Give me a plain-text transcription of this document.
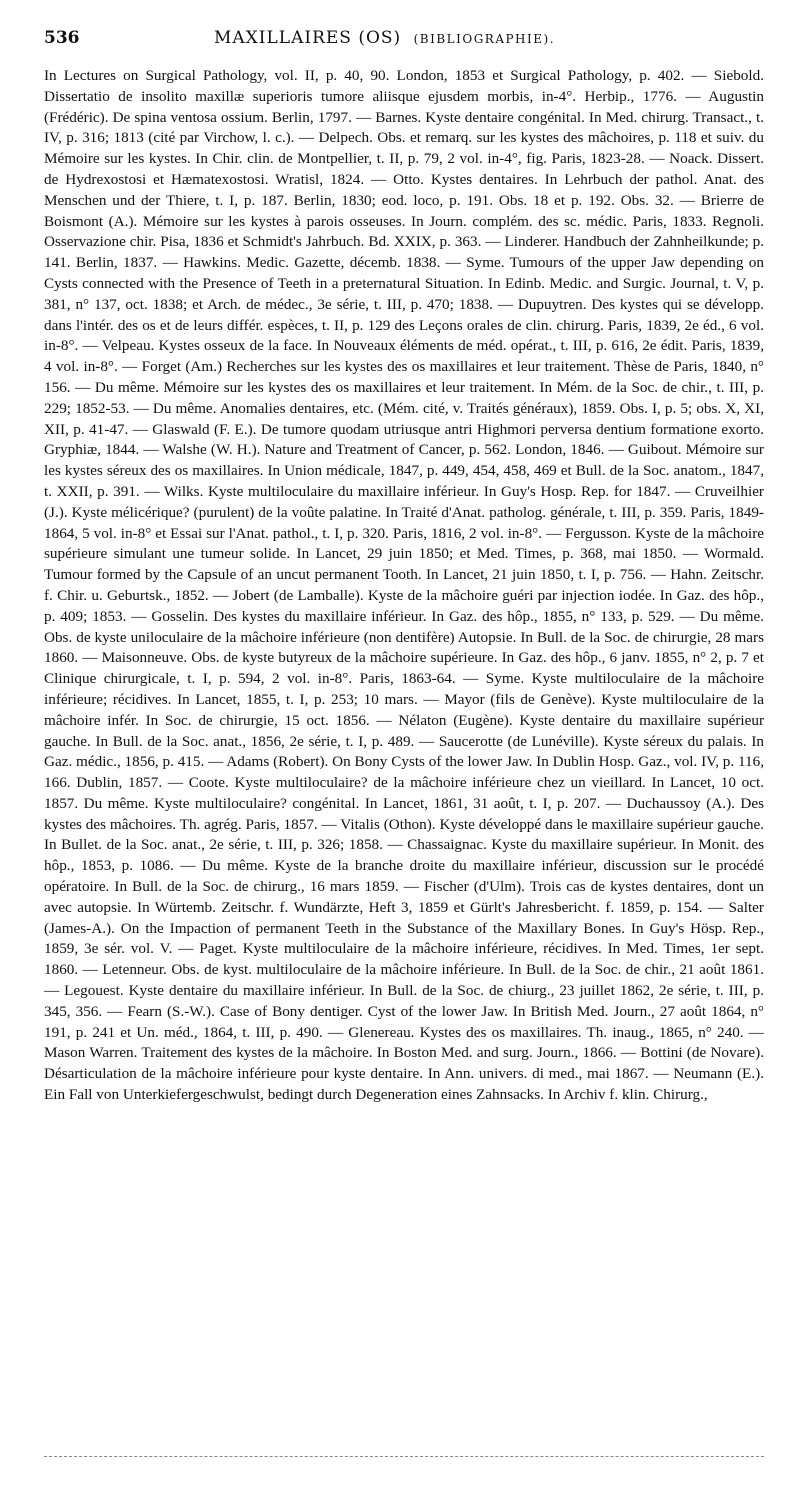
536	MAXILLAIRES (OS) (BIBLIOGRAPHIE).

In Lectures on Surgical Pathology, vol. II, p. 40, 90. London, 1853 et Surgical Pathology, p. 402. — Siebold. Dissertatio de insolito maxillæ superioris tumore aliisque ejusdem morbis, in-4°. Herbip., 1776. — Augustin (Frédéric). De spina ventosa ossium. Berlin, 1797. — Barnes. Kyste dentaire congénital. In Med. chirurg. Transact., t. IV, p. 316; 1813 (cité par Virchow, l. c.). — Delpech. Obs. et remarq. sur les kystes des mâchoires, p. 118 et suiv. du Mémoire sur les kystes. In Chir. clin. de Montpellier, t. II, p. 79, 2 vol. in-4°, fig. Paris, 1823-28. — Noack. Dissert. de Hydrexostosi et Hæmatexostosi. Wratisl, 1824. — Otto. Kystes dentaires. In Lehrbuch der pathol. Anat. des Menschen und der Thiere, t. I, p. 187. Berlin, 1830; eod. loco, p. 191. Obs. 18 et p. 192. Obs. 32. — Brierre de Boismont (A.). Mémoire sur les kystes à parois osseuses. In Journ. complém. des sc. médic. Paris, 1833. Regnoli. Osservazione chir. Pisa, 1836 et Schmidt's Jahrbuch. Bd. XXIX, p. 363. — Linderer. Handbuch der Zahnheilkunde; p. 141. Berlin, 1837. — Hawkins. Medic. Gazette, décemb. 1838. — Syme. Tumours of the upper Jaw depending on Cysts connected with the Presence of Teeth in a preternatural Situation. In Edinb. Medic. and Surgic. Journal, t. V, p. 381, n° 137, oct. 1838; et Arch. de médec., 3e série, t. III, p. 470; 1838. — Dupuytren. Des kystes qui se développ. dans l'intér. des os et de leurs différ. espèces, t. II, p. 129 des Leçons orales de clin. chirurg. Paris, 1839, 2e éd., 6 vol. in-8°. — Velpeau. Kystes osseux de la face. In Nouveaux éléments de méd. opérat., t. III, p. 616, 2e édit. Paris, 1839, 4 vol. in-8°. — Forget (Am.) Recherches sur les kystes des os maxillaires et leur traitement. Thèse de Paris, 1840, n° 156. — Du même. Mémoire sur les kystes des os maxillaires et leur traitement. In Mém. de la Soc. de chir., t. III, p. 229; 1852-53. — Du même. Anomalies dentaires, etc. (Mém. cité, v. Traités généraux), 1859. Obs. I, p. 5; obs. X, XI, XII, p. 41-47. — Glaswald (F. E.). De tumore quodam utriusque antri Highmori perversa dentium formatione exorto. Gryphiæ, 1844. — Walshe (W. H.). Nature and Treatment of Cancer, p. 562. London, 1846. — Guibout. Mémoire sur les kystes séreux des os maxillaires. In Union médicale, 1847, p. 449, 454, 458, 469 et Bull. de la Soc. anatom., 1847, t. XXII, p. 391. — Wilks. Kyste multiloculaire du maxillaire inférieur. In Guy's Hosp. Rep. for 1847. — Cruveilhier (J.). Kyste mélicérique? (purulent) de la voûte palatine. In Traité d'Anat. patholog. générale, t. III, p. 359. Paris, 1849-1864, 5 vol. in-8° et Essai sur l'Anat. pathol., t. I, p. 320. Paris, 1816, 2 vol. in-8°. — Fergusson. Kyste de la mâchoire supérieure simulant une tumeur solide. In Lancet, 29 juin 1850; et Med. Times, p. 368, mai 1850. — Wormald. Tumour formed by the Capsule of an uncut permanent Tooth. In Lancet, 21 juin 1850, t. I, p. 756. — Hahn. Zeitschr. f. Chir. u. Geburtsk., 1852. — Jobert (de Lamballe). Kyste de la mâchoire guéri par injection iodée. In Gaz. des hôp., p. 409; 1853. — Gosselin. Des kystes du maxillaire inférieur. In Gaz. des hôp., 1855, n° 133, p. 529. — Du même. Obs. de kyste uniloculaire de la mâchoire inférieure (non dentifère) Autopsie. In Bull. de la Soc. de chirurgie, 28 mars 1860. — Maisonneuve. Obs. de kyste butyreux de la mâchoire supérieure. In Gaz. des hôp., 6 janv. 1855, n° 2, p. 7 et Clinique chirurgicale, t. I, p. 594, 2 vol. in-8°. Paris, 1863-64. — Syme. Kyste multiloculaire de la mâchoire inférieure; récidives. In Lancet, 1855, t. I, p. 253; 10 mars. — Mayor (fils de Genève). Kyste multiloculaire de la mâchoire infér. In Soc. de chirurgie, 15 oct. 1856. — Nélaton (Eugène). Kyste dentaire du maxillaire supérieur gauche. In Bull. de la Soc. anat., 1856, 2e série, t. I, p. 489. — Saucerotte (de Lunéville). Kyste séreux du palais. In Gaz. médic., 1856, p. 415. — Adams (Robert). On Bony Cysts of the lower Jaw. In Dublin Hosp. Gaz., vol. IV, p. 116, 166. Dublin, 1857. — Coote. Kyste multiloculaire? de la mâchoire inférieure chez un vieillard. In Lancet, 10 oct. 1857. Du même. Kyste multiloculaire? congénital. In Lancet, 1861, 31 août, t. I, p. 207. — Duchaussoy (A.). Des kystes des mâchoires. Th. agrég. Paris, 1857. — Vitalis (Othon). Kyste développé dans le maxillaire supérieur gauche. In Bullet. de la Soc. anat., 2e série, t. III, p. 326; 1858. — Chassaignac. Kyste du maxillaire supérieur. In Monit. des hôp., 1853, p. 1086. — Du même. Kyste de la branche droite du maxillaire inférieur, discussion sur le procédé opératoire. In Bull. de la Soc. de chirurg., 16 mars 1859. — Fischer (d'Ulm). Trois cas de kystes dentaires, dont un avec autopsie. In Würtemb. Zeitschr. f. Wundärzte, Heft 3, 1859 et Gürlt's Jahresbericht. f. 1859, p. 154. — Salter (James-A.). On the Impaction of permanent Teeth in the Substance of the Maxillary Bones. In Guy's Hösp. Rep., 1859, 3e sér. vol. V. — Paget. Kyste multiloculaire de la mâchoire inférieure, récidives. In Med. Times, 1er sept. 1860. — Letenneur. Obs. de kyst. multiloculaire de la mâchoire inférieure. In Bull. de la Soc. de chir., 21 août 1861. — Legouest. Kyste dentaire du maxillaire inférieur. In Bull. de la Soc. de chiurg., 23 juillet 1862, 2e série, t. III, p. 345, 356. — Fearn (S.-W.). Case of Bony dentiger. Cyst of the lower Jaw. In British Med. Journ., 27 août 1864, n° 191, p. 241 et Un. méd., 1864, t. III, p. 490. — Glenereau. Kystes des os maxillaires. Th. inaug., 1865, n° 240. — Mason Warren. Traitement des kystes de la mâchoire. In Boston Med. and surg. Journ., 1866. — Bottini (de Novare). Désarticulation de la mâchoire inférieure pour kyste dentaire. In Ann. univers. di med., mai 1867. — Neumann (E.). Ein Fall von Unterkiefergeschwulst, bedingt durch Degeneration eines Zahnsacks. In Archiv f. klin. Chirurg.,
